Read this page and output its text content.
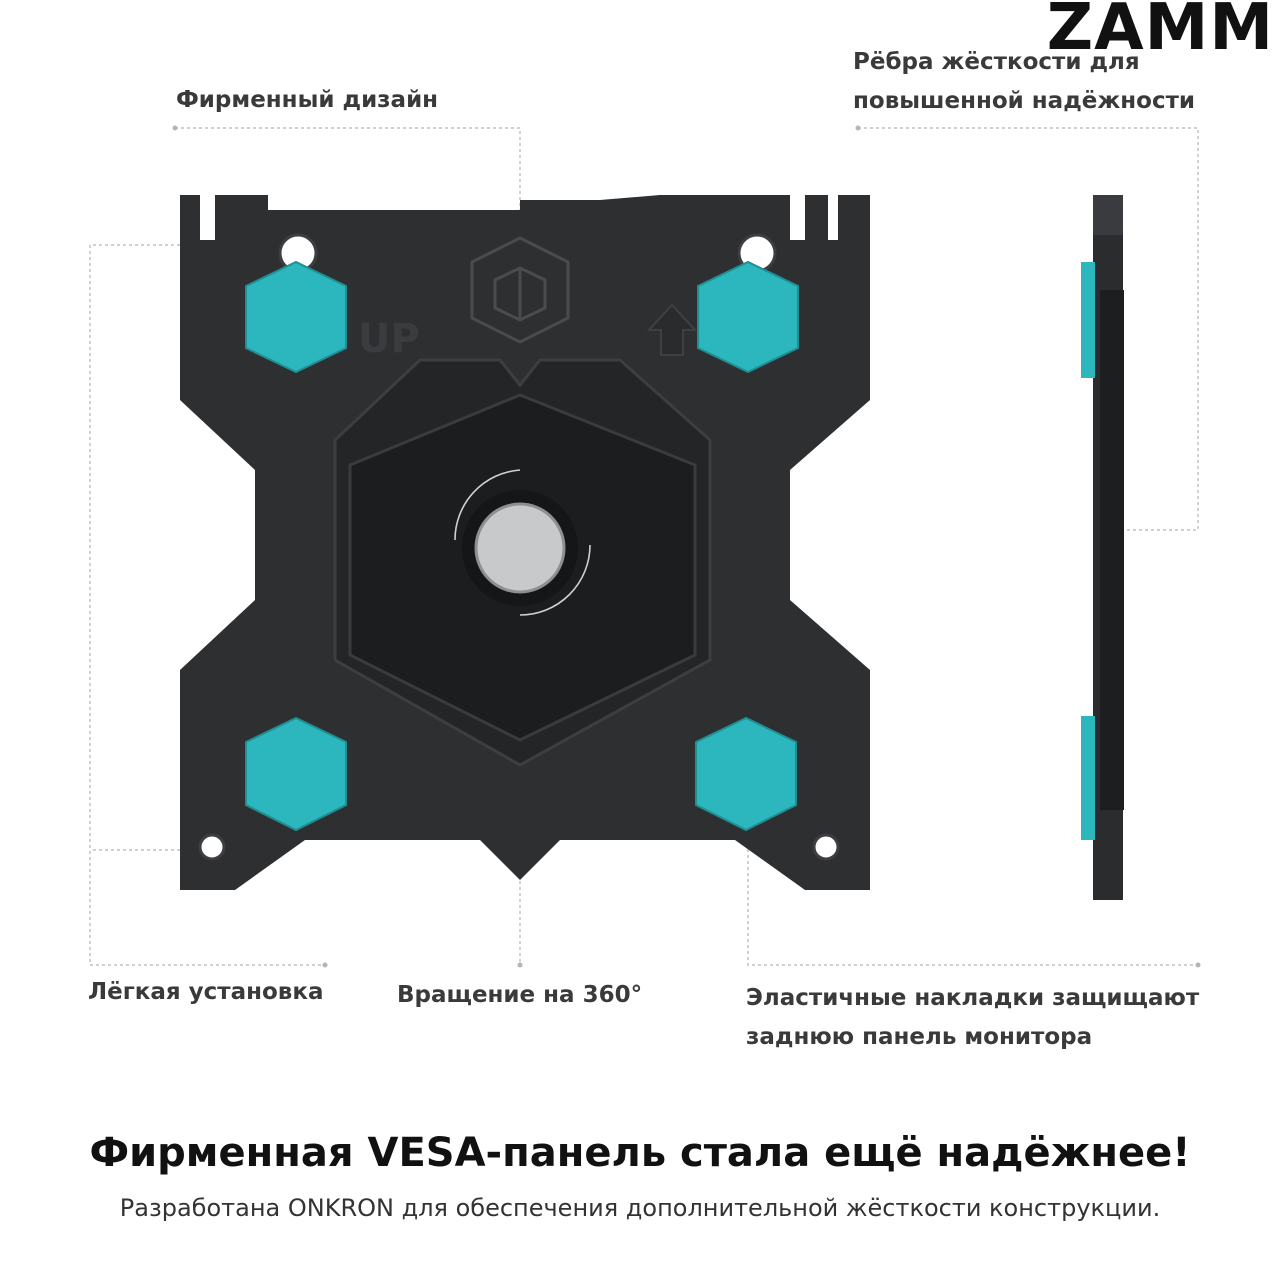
ZAMM
Фирменный дизайн
Рёбра жёсткости для
повышенной надёжности
UP
Лёгкая установка	Вращение на 360°	Эластичные накладки защищают
заднюю панель монитора
Фирменная VESA-панель стала ещё надёжнее!
Разработана ONKRON для обеспечения дополнительной жёсткости конструкции.
